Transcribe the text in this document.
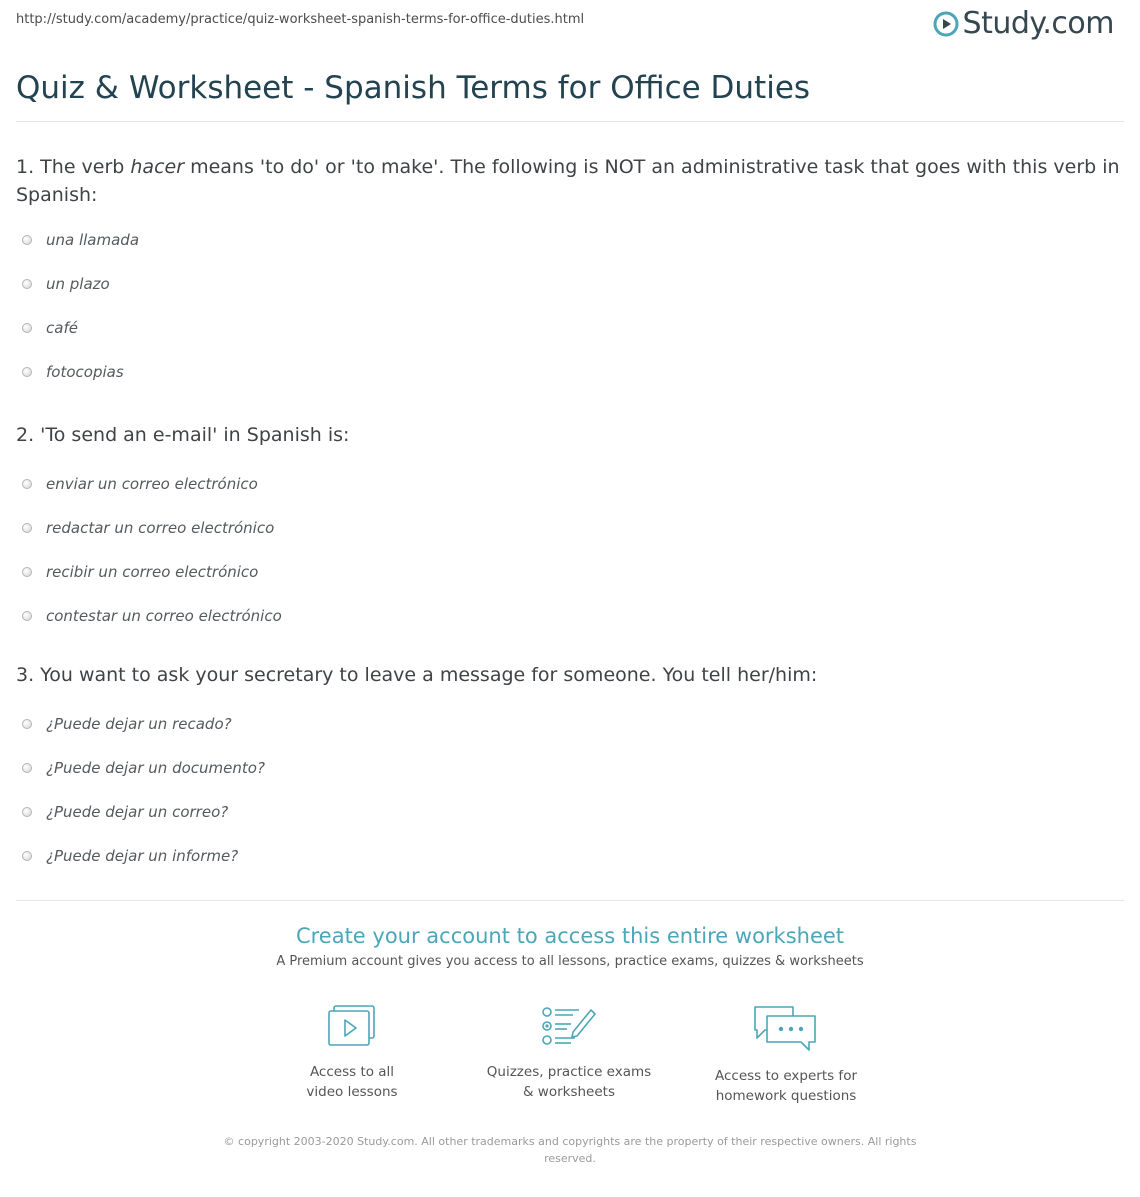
http://study.com/academy/practice/quiz-worksheet-spanish-terms-for-office-duties.html	Study.com
Quiz & Worksheet - Spanish Terms for Office Duties

1. The verb hacer means 'to do' or 'to make'. The following is NOT an administrative task that goes with this verb in Spanish:

una llamada
un plazo
café
fotocopias

2. 'To send an e-mail' in Spanish is:

enviar un correo electrónico
redactar un correo electrónico
recibir un correo electrónico
contestar un correo electrónico

3. You want to ask your secretary to leave a message for someone. You tell her/him:

¿Puede dejar un recado?
¿Puede dejar un documento?
¿Puede dejar un correo?
¿Puede dejar un informe?
Create your account to access this entire worksheet
A Premium account gives you access to all lessons, practice exams, quizzes & worksheets
Access to all
video lessons
Quizzes, practice exams
& worksheets
Access to experts for
homework questions
© copyright 2003-2020 Study.com. All other trademarks and copyrights are the property of their respective owners. All rights reserved.
